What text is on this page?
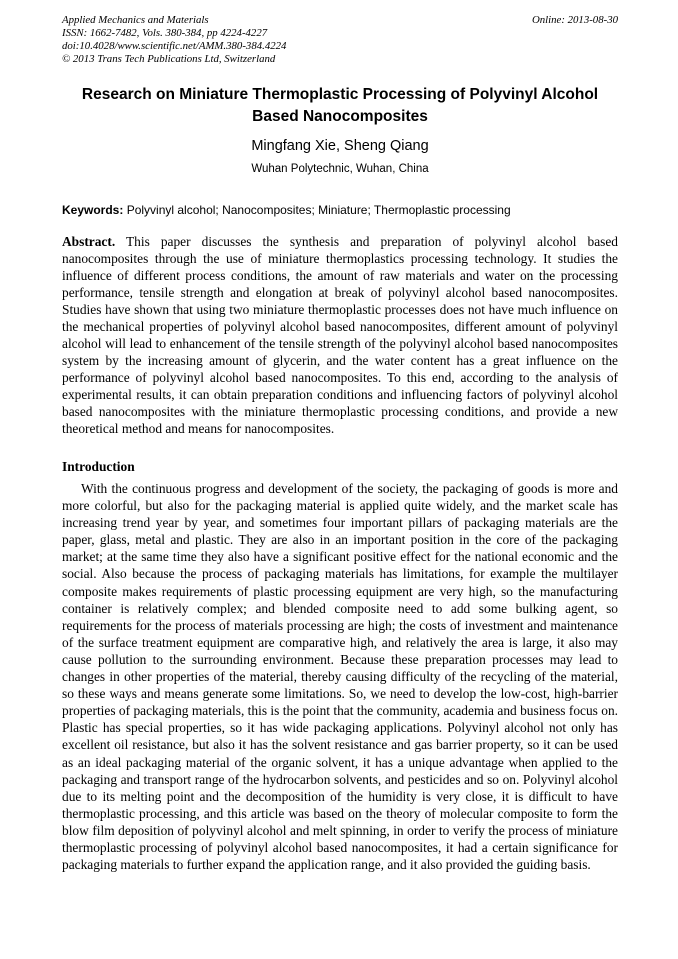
Applied Mechanics and Materials
ISSN: 1662-7482, Vols. 380-384, pp 4224-4227
doi:10.4028/www.scientific.net/AMM.380-384.4224
© 2013 Trans Tech Publications Ltd, Switzerland
Online: 2013-08-30
Research on Miniature Thermoplastic Processing of Polyvinyl Alcohol
Based Nanocomposites
Mingfang Xie, Sheng Qiang
Wuhan Polytechnic, Wuhan, China
Keywords: Polyvinyl alcohol; Nanocomposites; Miniature; Thermoplastic processing

Abstract. This paper discusses the synthesis and preparation of polyvinyl alcohol based nanocomposites through the use of miniature thermoplastics processing technology. It studies the influence of different process conditions, the amount of raw materials and water on the processing performance, tensile strength and elongation at break of polyvinyl alcohol based nanocomposites. Studies have shown that using two miniature thermoplastic processes does not have much influence on the mechanical properties of polyvinyl alcohol based nanocomposites, different amount of polyvinyl alcohol will lead to enhancement of the tensile strength of the polyvinyl alcohol based nanocomposites system by the increasing amount of glycerin, and the water content has a great influence on the performance of polyvinyl alcohol based nanocomposites. To this end, according to the analysis of experimental results, it can obtain preparation conditions and influencing factors of polyvinyl alcohol based nanocomposites with the miniature thermoplastic processing conditions, and provide a new theoretical method and means for nanocomposites.

Introduction

With the continuous progress and development of the society, the packaging of goods is more and more colorful, but also for the packaging material is applied quite widely, and the market scale has increasing trend year by year, and sometimes four important pillars of packaging materials are the paper, glass, metal and plastic. They are also in an important position in the core of the packaging market; at the same time they also have a significant positive effect for the national economic and the social. Also because the process of packaging materials has limitations, for example the multilayer composite makes requirements of plastic processing equipment are very high, so the manufacturing container is relatively complex; and blended composite need to add some bulking agent, so requirements for the process of materials processing are high; the costs of investment and maintenance of the surface treatment equipment are comparative high, and relatively the area is large, it also may cause pollution to the surrounding environment. Because these preparation processes may lead to changes in other properties of the material, thereby causing difficulty of the recycling of the material, so these ways and means generate some limitations. So, we need to develop the low-cost, high-barrier properties of packaging materials, this is the point that the community, academia and business focus on. Plastic has special properties, so it has wide packaging applications. Polyvinyl alcohol not only has excellent oil resistance, but also it has the solvent resistance and gas barrier property, so it can be used as an ideal packaging material of the organic solvent, it has a unique advantage when applied to the packaging and transport range of the hydrocarbon solvents, and pesticides and so on. Polyvinyl alcohol due to its melting point and the decomposition of the humidity is very close, it is difficult to have thermoplastic processing, and this article was based on the theory of molecular composite to form the blow film deposition of polyvinyl alcohol and melt spinning, in order to verify the process of miniature thermoplastic processing of polyvinyl alcohol based nanocomposites, it had a certain significance for packaging materials to further expand the application range, and it also provided the guiding basis.
